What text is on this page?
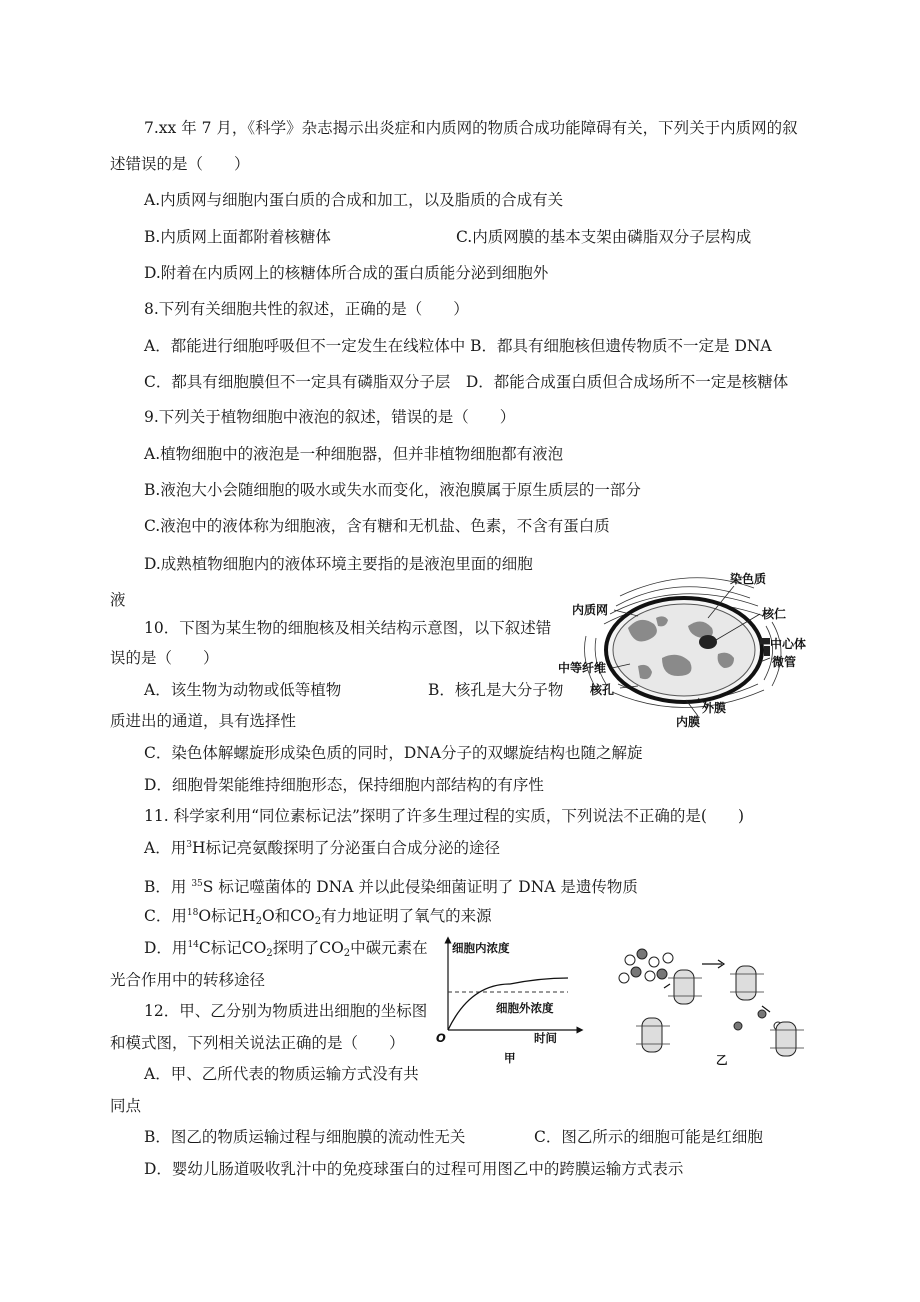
7.xx 年 7 月，《科学》杂志揭示出炎症和内质网的物质合成功能障碍有关，下列关于内质网的叙
述错误的是（　　）
A.内质网与细胞内蛋白质的合成和加工，以及脂质的合成有关
B.内质网上面都附着核糖体	C.内质网膜的基本支架由磷脂双分子层构成
D.附着在内质网上的核糖体所合成的蛋白质能分泌到细胞外
8.下列有关细胞共性的叙述，正确的是（　　）
A．都能进行细胞呼吸但不一定发生在线粒体中 B．都具有细胞核但遗传物质不一定是 DNA
C．都具有细胞膜但不一定具有磷脂双分子层　D．都能合成蛋白质但合成场所不一定是核糖体
9.下列关于植物细胞中液泡的叙述，错误的是（　　）
A.植物细胞中的液泡是一种细胞器，但并非植物细胞都有液泡
B.液泡大小会随细胞的吸水或失水而变化，液泡膜属于原生质层的一部分
C.液泡中的液体称为细胞液，含有糖和无机盐、色素，不含有蛋白质
D.成熟植物细胞内的液体环境主要指的是液泡里面的细胞
液
10．下图为某生物的细胞核及相关结构示意图，以下叙述错
误的是（　　）
A．该生物为动物或低等植物	B．核孔是大分子物
质进出的通道，具有选择性
C．染色体解螺旋形成染色质的同时，DNA分子的双螺旋结构也随之解旋
D．细胞骨架能维持细胞形态，保持细胞内部结构的有序性
染色质
内质网	核仁
中心体
中等纤维	微管
核孔
外膜
内膜
11. 科学家利用“同位素标记法”探明了许多生理过程的实质，下列说法不正确的是(　　)
A．用$^3$H标记亮氨酸探明了分泌蛋白合成分泌的途径
B．用 $^{35}$S 标记噬菌体的 DNA 并以此侵染细菌证明了 DNA 是遗传物质
C．用$^{18}$O标记$H_2O$和$CO_2$有力地证明了氧气的来源
D．用$^{14}$C标记$CO_2$探明了$CO_2$中碳元素在
光合作用中的转移途径
12．甲、乙分别为物质进出细胞的坐标图
和模式图，下列相关说法正确的是（　　）
A．甲、乙所代表的物质运输方式没有共
同点
B．图乙的物质运输过程与细胞膜的流动性无关	C．图乙所示的细胞可能是红细胞
D．婴幼儿肠道吸收乳汁中的免疫球蛋白的过程可用图乙中的跨膜运输方式表示
细胞内浓度
细胞外浓度
时间
O
甲	乙
